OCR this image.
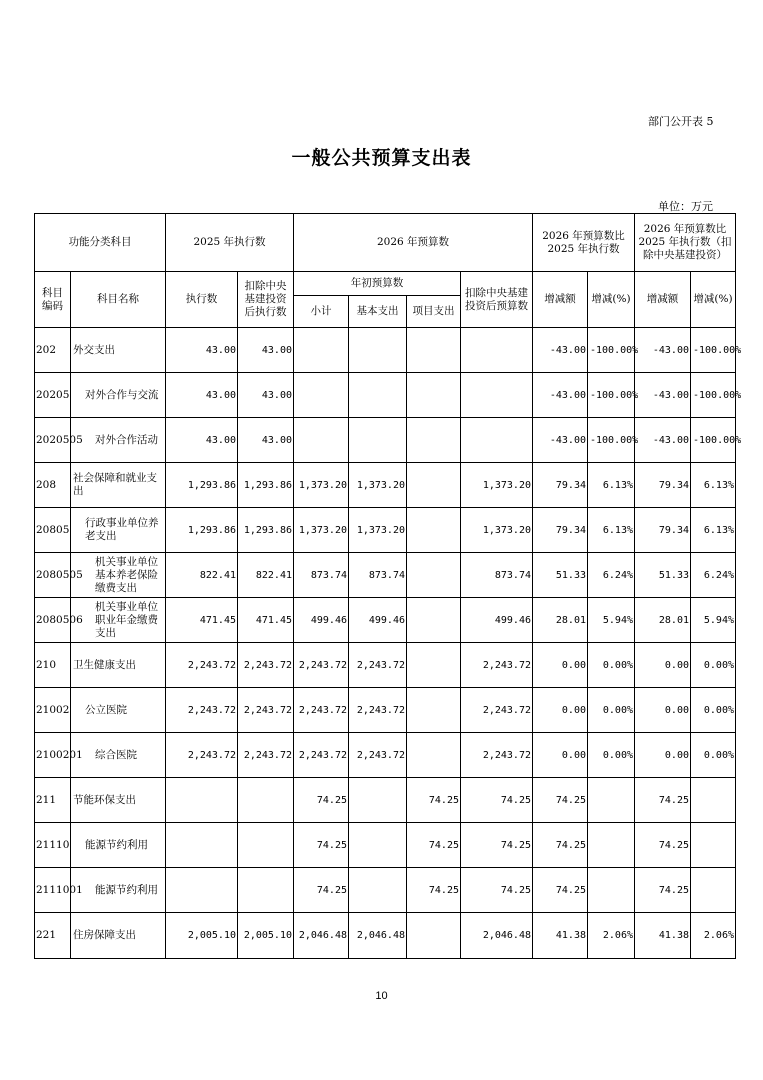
部门公开表 5
一般公共预算支出表
单位：万元
功能分类科目		2025 年执行数		2026 年预算数				2026 年预算数比 2025 年执行数		2026 年预算数比 2025 年执行数（扣除中央基建投资）	
科目编码	科目名称	执行数	扣除中央基建投资后执行数	年初预算数			扣除中央基建投资后预算数	增减额	增减(%)	增减额	增减(%)
				小计	基本支出	项目支出					
202	外交支出	43.00	43.00					-43.00	-100.00%	-43.00	-100.00%
20205	对外合作与交流	43.00	43.00					-43.00	-100.00%	-43.00	-100.00%
2020505	对外合作活动	43.00	43.00					-43.00	-100.00%	-43.00	-100.00%
208	社会保障和就业支出	1,293.86	1,293.86	1,373.20	1,373.20		1,373.20	79.34	6.13%	79.34	6.13%
20805	行政事业单位养老支出	1,293.86	1,293.86	1,373.20	1,373.20		1,373.20	79.34	6.13%	79.34	6.13%
2080505	机关事业单位基本养老保险缴费支出	822.41	822.41	873.74	873.74		873.74	51.33	6.24%	51.33	6.24%
2080506	机关事业单位职业年金缴费支出	471.45	471.45	499.46	499.46		499.46	28.01	5.94%	28.01	5.94%
210	卫生健康支出	2,243.72	2,243.72	2,243.72	2,243.72		2,243.72	0.00	0.00%	0.00	0.00%
21002	公立医院	2,243.72	2,243.72	2,243.72	2,243.72		2,243.72	0.00	0.00%	0.00	0.00%
2100201	综合医院	2,243.72	2,243.72	2,243.72	2,243.72		2,243.72	0.00	0.00%	0.00	0.00%
211	节能环保支出			74.25		74.25	74.25	74.25		74.25	
21110	能源节约利用			74.25		74.25	74.25	74.25		74.25	
2111001	能源节约利用			74.25		74.25	74.25	74.25		74.25	
221	住房保障支出	2,005.10	2,005.10	2,046.48	2,046.48		2,046.48	41.38	2.06%	41.38	2.06%
10
